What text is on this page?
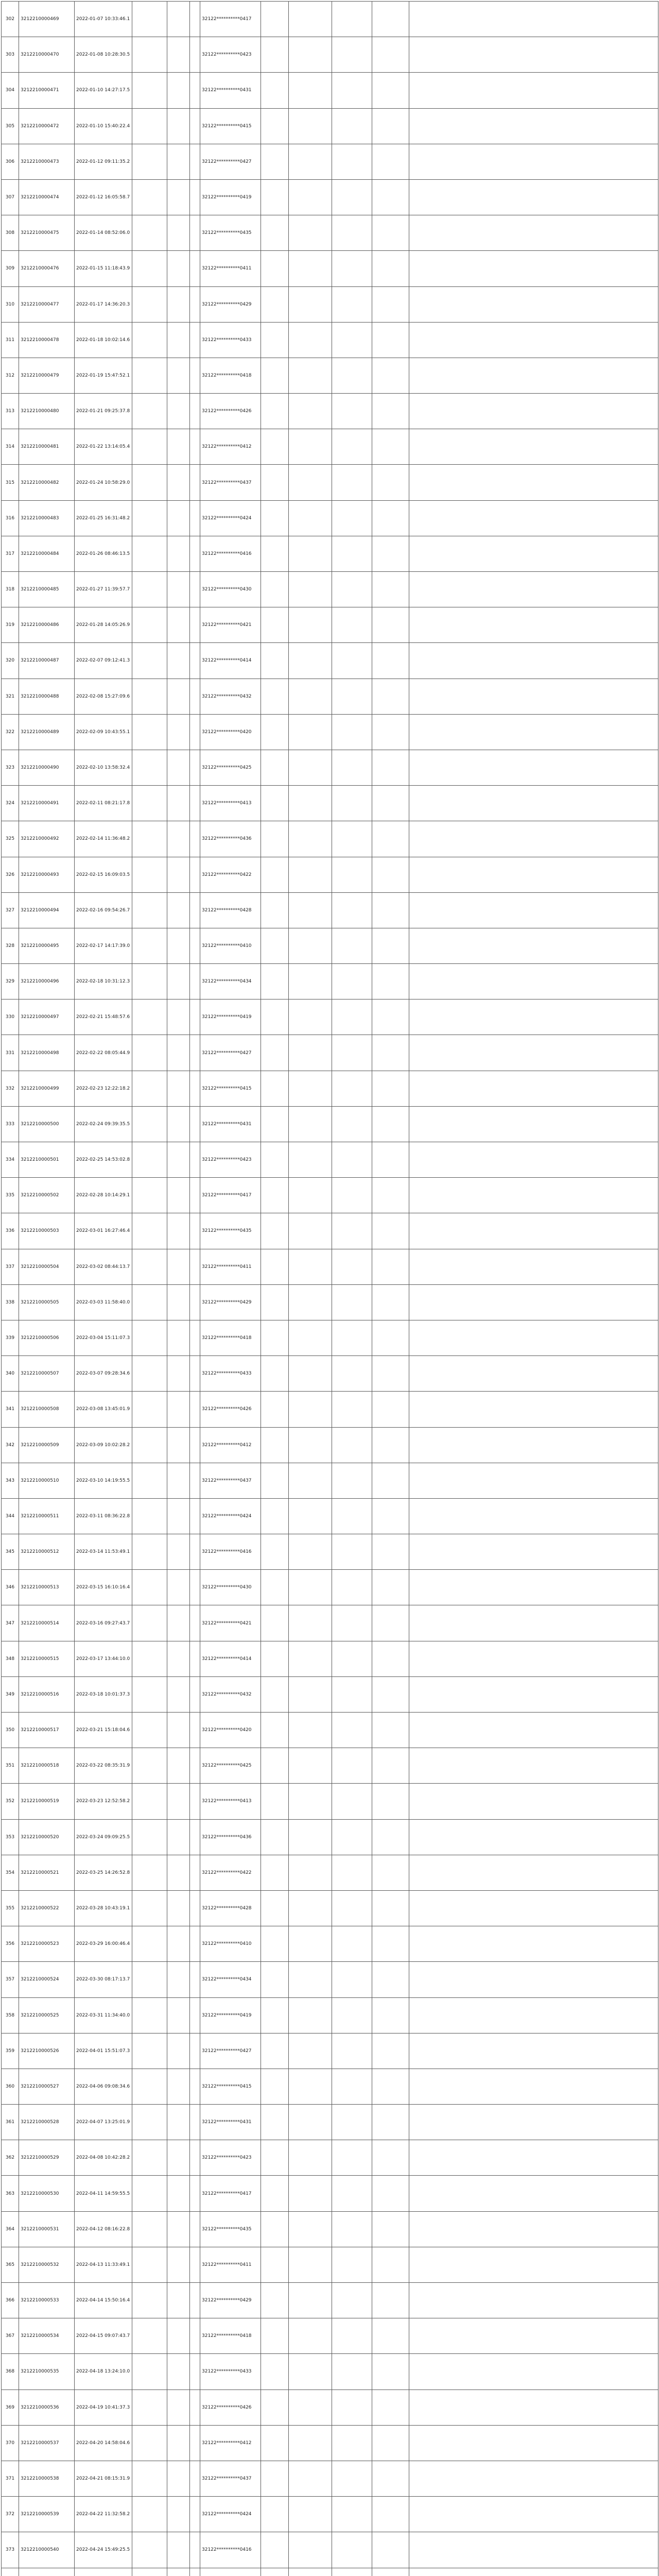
302	3212210000469	2022-01-07 10:33:46.1				32122**********0417					
303	3212210000470	2022-01-08 10:28:30.5				32122**********0423					
304	3212210000471	2022-01-10 14:27:17.5				32122**********0431					
305	3212210000472	2022-01-10 15:40:22.4				32122**********0415					
306	3212210000473	2022-01-12 09:11:35.2				32122**********0427					
307	3212210000474	2022-01-12 16:05:58.7				32122**********0419					
308	3212210000475	2022-01-14 08:52:06.0				32122**********0435					
309	3212210000476	2022-01-15 11:18:43.9				32122**********0411					
310	3212210000477	2022-01-17 14:36:20.3				32122**********0429					
311	3212210000478	2022-01-18 10:02:14.6				32122**********0433					
312	3212210000479	2022-01-19 15:47:52.1				32122**********0418					
313	3212210000480	2022-01-21 09:25:37.8				32122**********0426					
314	3212210000481	2022-01-22 13:14:05.4				32122**********0412					
315	3212210000482	2022-01-24 10:58:29.0				32122**********0437					
316	3212210000483	2022-01-25 16:31:48.2				32122**********0424					
317	3212210000484	2022-01-26 08:46:13.5				32122**********0416					
318	3212210000485	2022-01-27 11:39:57.7				32122**********0430					
319	3212210000486	2022-01-28 14:05:26.9				32122**********0421					
320	3212210000487	2022-02-07 09:12:41.3				32122**********0414					
321	3212210000488	2022-02-08 15:27:09.6				32122**********0432					
322	3212210000489	2022-02-09 10:43:55.1				32122**********0420					
323	3212210000490	2022-02-10 13:58:32.4				32122**********0425					
324	3212210000491	2022-02-11 08:21:17.8				32122**********0413					
325	3212210000492	2022-02-14 11:36:48.2				32122**********0436					
326	3212210000493	2022-02-15 16:09:03.5				32122**********0422					
327	3212210000494	2022-02-16 09:54:26.7				32122**********0428					
328	3212210000495	2022-02-17 14:17:39.0				32122**********0410					
329	3212210000496	2022-02-18 10:31:12.3				32122**********0434					
330	3212210000497	2022-02-21 15:48:57.6				32122**********0419					
331	3212210000498	2022-02-22 08:05:44.9				32122**********0427					
332	3212210000499	2022-02-23 12:22:18.2				32122**********0415					
333	3212210000500	2022-02-24 09:39:35.5				32122**********0431					
334	3212210000501	2022-02-25 14:53:02.8				32122**********0423					
335	3212210000502	2022-02-28 10:14:29.1				32122**********0417					
336	3212210000503	2022-03-01 16:27:46.4				32122**********0435					
337	3212210000504	2022-03-02 08:44:13.7				32122**********0411					
338	3212210000505	2022-03-03 11:58:40.0				32122**********0429					
339	3212210000506	2022-03-04 15:11:07.3				32122**********0418					
340	3212210000507	2022-03-07 09:28:34.6				32122**********0433					
341	3212210000508	2022-03-08 13:45:01.9				32122**********0426					
342	3212210000509	2022-03-09 10:02:28.2				32122**********0412					
343	3212210000510	2022-03-10 14:19:55.5				32122**********0437					
344	3212210000511	2022-03-11 08:36:22.8				32122**********0424					
345	3212210000512	2022-03-14 11:53:49.1				32122**********0416					
346	3212210000513	2022-03-15 16:10:16.4				32122**********0430					
347	3212210000514	2022-03-16 09:27:43.7				32122**********0421					
348	3212210000515	2022-03-17 13:44:10.0				32122**********0414					
349	3212210000516	2022-03-18 10:01:37.3				32122**********0432					
350	3212210000517	2022-03-21 15:18:04.6				32122**********0420					
351	3212210000518	2022-03-22 08:35:31.9				32122**********0425					
352	3212210000519	2022-03-23 12:52:58.2				32122**********0413					
353	3212210000520	2022-03-24 09:09:25.5				32122**********0436					
354	3212210000521	2022-03-25 14:26:52.8				32122**********0422					
355	3212210000522	2022-03-28 10:43:19.1				32122**********0428					
356	3212210000523	2022-03-29 16:00:46.4				32122**********0410					
357	3212210000524	2022-03-30 08:17:13.7				32122**********0434					
358	3212210000525	2022-03-31 11:34:40.0				32122**********0419					
359	3212210000526	2022-04-01 15:51:07.3				32122**********0427					
360	3212210000527	2022-04-06 09:08:34.6				32122**********0415					
361	3212210000528	2022-04-07 13:25:01.9				32122**********0431					
362	3212210000529	2022-04-08 10:42:28.2				32122**********0423					
363	3212210000530	2022-04-11 14:59:55.5				32122**********0417					
364	3212210000531	2022-04-12 08:16:22.8				32122**********0435					
365	3212210000532	2022-04-13 11:33:49.1				32122**********0411					
366	3212210000533	2022-04-14 15:50:16.4				32122**********0429					
367	3212210000534	2022-04-15 09:07:43.7				32122**********0418					
368	3212210000535	2022-04-18 13:24:10.0				32122**********0433					
369	3212210000536	2022-04-19 10:41:37.3				32122**********0426					
370	3212210000537	2022-04-20 14:58:04.6				32122**********0412					
371	3212210000538	2022-04-21 08:15:31.9				32122**********0437					
372	3212210000539	2022-04-22 11:32:58.2				32122**********0424					
373	3212210000540	2022-04-24 15:49:25.5				32122**********0416					
